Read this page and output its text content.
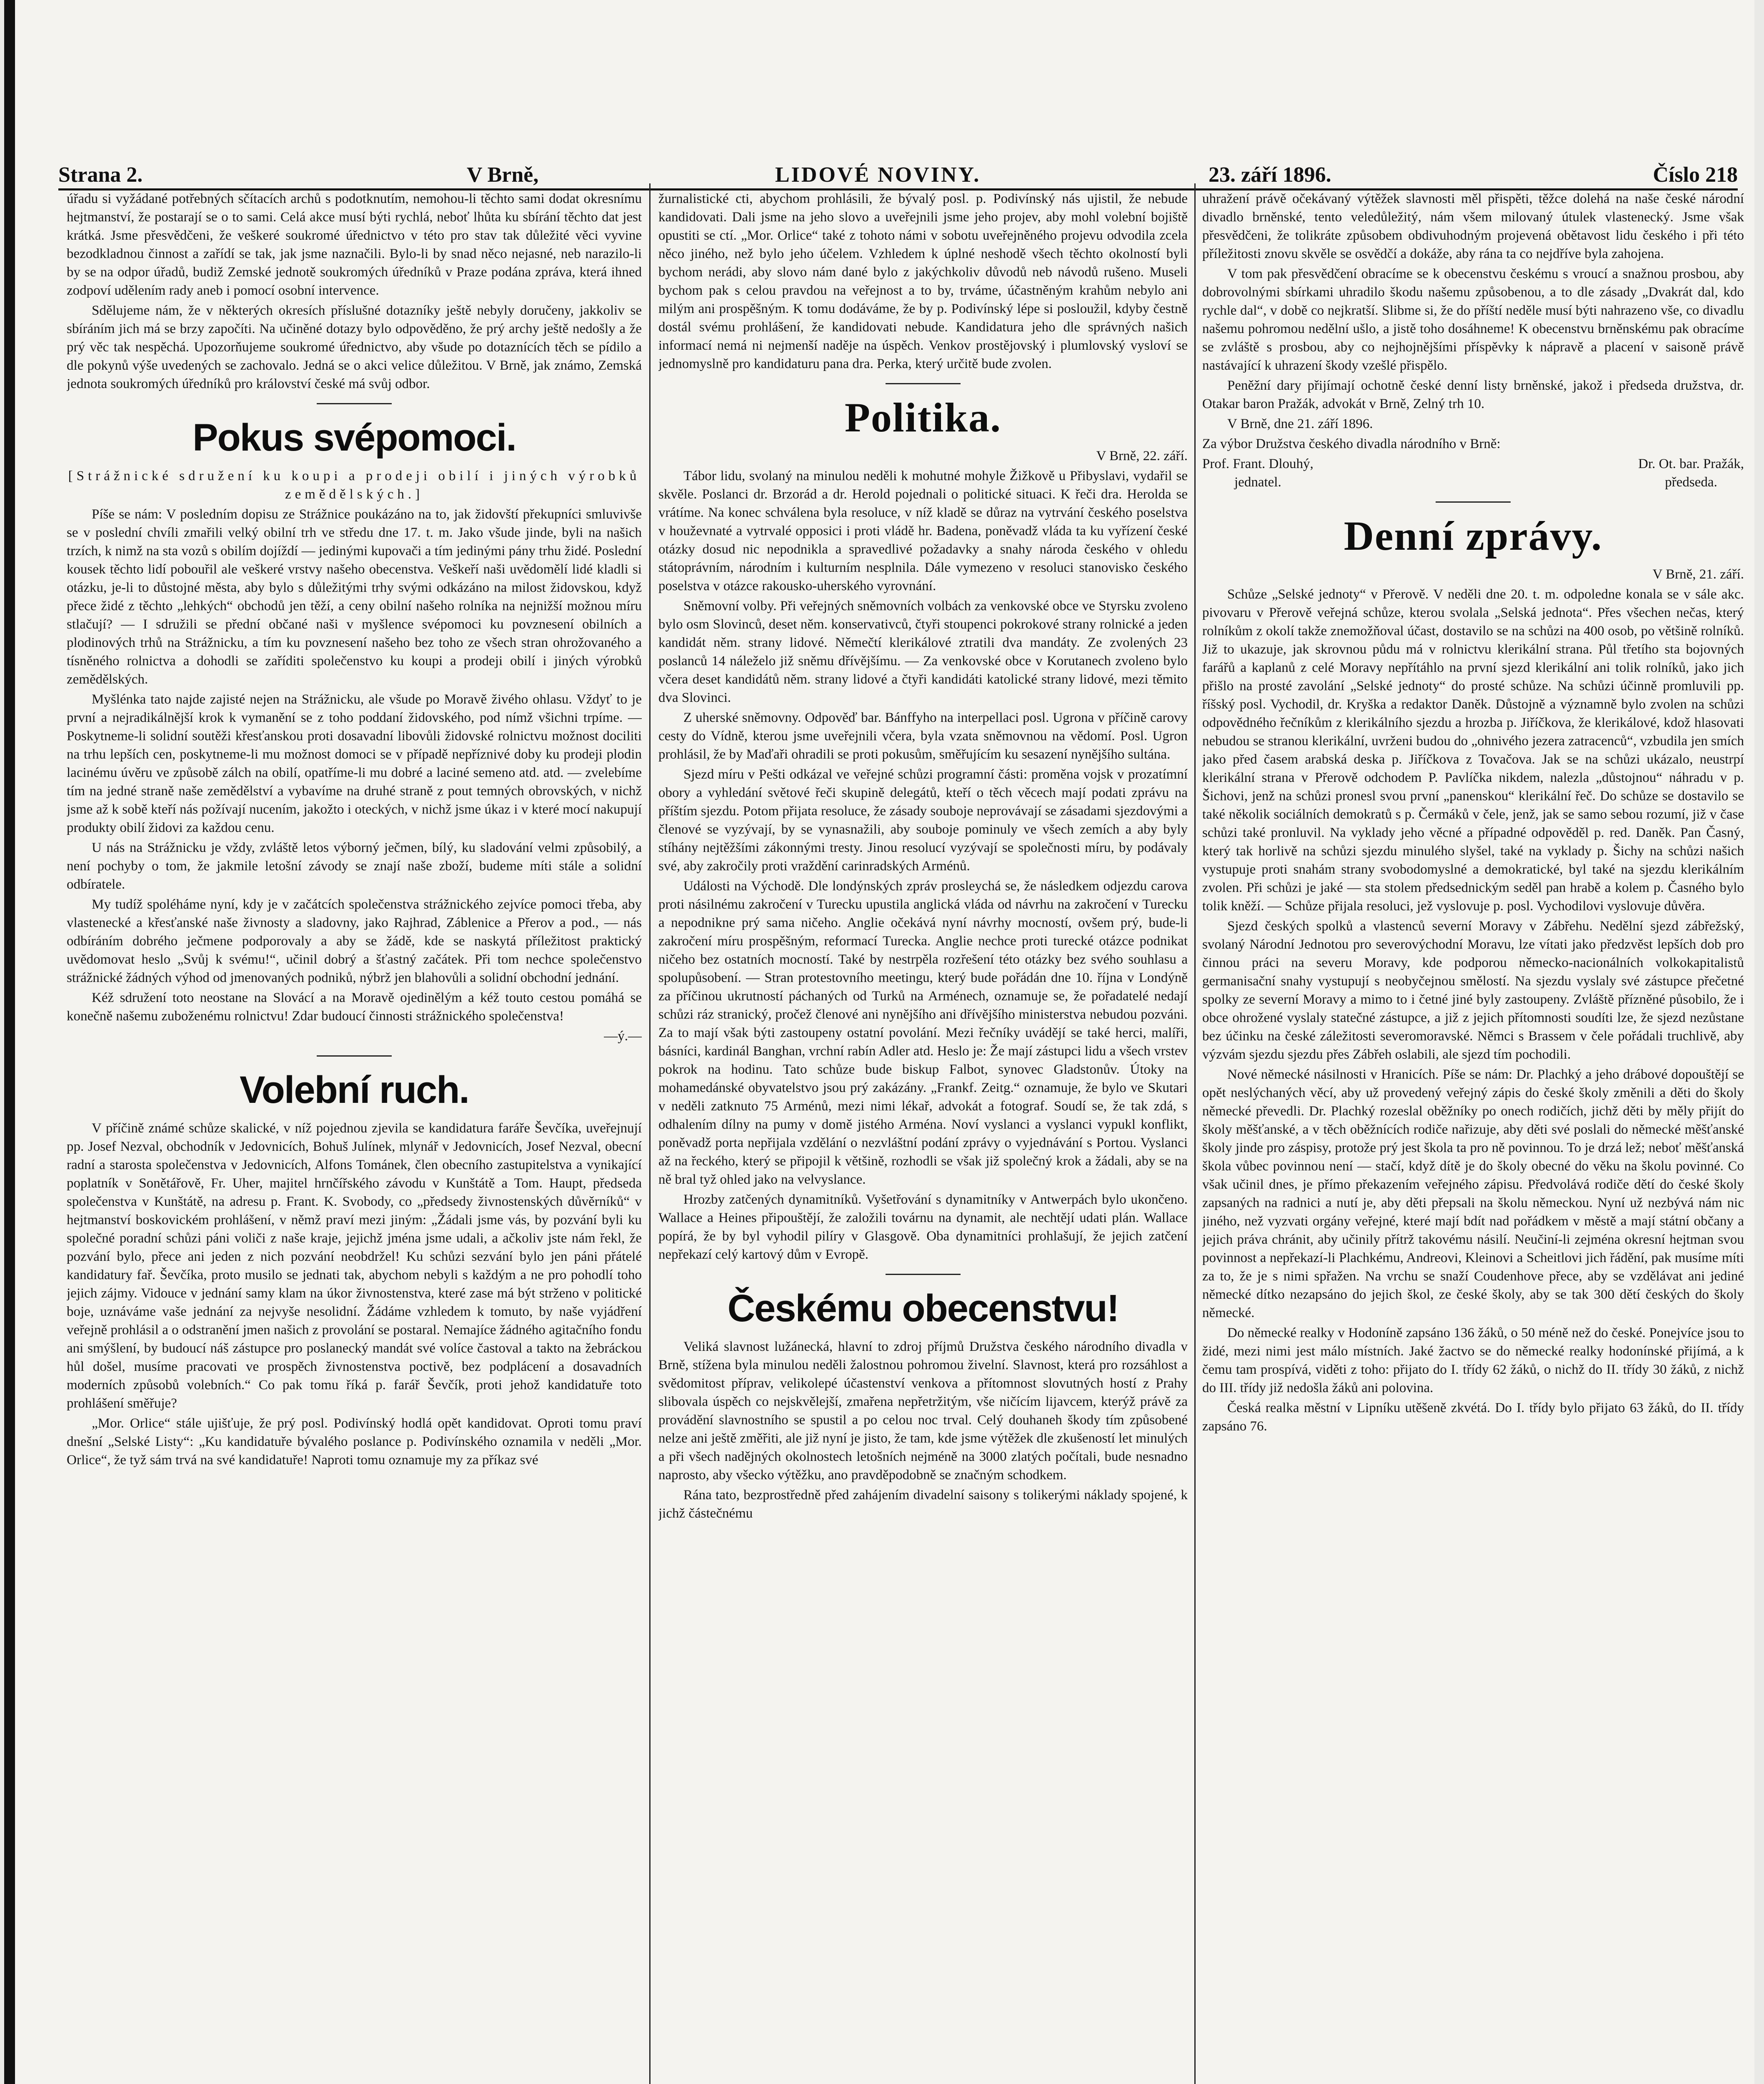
Strana 2.	V Brně,	LIDOVÉ NOVINY.	23. září 1896.	Číslo 218

úřadu si vyžádané potřebných sčítacích archů s podotknutím, nemohou-li těchto sami dodat okresnímu hejtmanství, že postarají se o to sami. Celá akce musí býti rychlá, neboť lhůta ku sbírání těchto dat jest krátká. Jsme přesvědčeni, že veškeré soukromé úřednictvo v této pro stav tak důležité věci vyvine bezodkladnou činnost a zařídí se tak, jak jsme naznačili. Bylo-li by snad něco nejasné, neb narazilo-li by se na odpor úřadů, budiž Zemské jednotě soukromých úředníků v Praze podána zpráva, která ihned zodpoví udělením rady aneb i pomocí osobní intervence.

Sdělujeme nám, že v některých okresích příslušné dotazníky ještě nebyly doručeny, jakkoliv se sbíráním jich má se brzy započíti. Na učiněné dotazy bylo odpověděno, že prý archy ještě nedošly a že prý věc tak nespěchá. Upozorňujeme soukromé úřednictvo, aby všude po dotaznících těch se pídilo a dle pokynů výše uvedených se zachovalo. Jedná se o akci velice důležitou. V Brně, jak známo, Zemská jednota soukromých úředníků pro království české má svůj odbor.

Pokus svépomoci.

[Strážnické sdružení ku koupi a prodeji obilí i jiných výrobků zemědělských.]

Píše se nám: V posledním dopisu ze Strážnice poukázáno na to, jak židovští překupníci smluvivše se v poslední chvíli zmařili velký obilní trh ve středu dne 17. t. m. Jako všude jinde, byli na našich trzích, k nimž na sta vozů s obilím dojíždí — jedinými kupovači a tím jedinými pány trhu židé. Poslední kousek těchto lidí pobouřil ale veškeré vrstvy našeho obecenstva. Veškeří naši uvědomělí lidé kladli si otázku, je-li to důstojné města, aby bylo s důležitými trhy svými odkázáno na milost židovskou, když přece židé z těchto „lehkých“ obchodů jen těží, a ceny obilní našeho rolníka na nejnižší možnou míru stlačují? — I sdružili se přední občané naši v myšlence svépomoci ku povznesení obilních a plodinových trhů na Strážnicku, a tím ku povznesení našeho bez toho ze všech stran ohrožovaného a tísněného rolnictva a dohodli se zaříditi společenstvo ku koupi a prodeji obilí i jiných výrobků zemědělských.

Myšlénka tato najde zajisté nejen na Strážnicku, ale všude po Moravě živého ohlasu. Vždyť to je první a nejradikálnější krok k vymanění se z toho poddaní židovského, pod nímž všichni trpíme. — Poskytneme-li solidní soutěži křesťanskou proti dosavadní libovůli židovské rolnictvu možnost dociliti na trhu lepších cen, poskytneme-li mu možnost domoci se v případě nepříznivé doby ku prodeji plodin lacinému úvěru ve způsobě zálch na obilí, opatříme-li mu dobré a laciné semeno atd. atd. — zvelebíme tím na jedné straně naše zemědělství a vybavíme na druhé straně z pout temných obrovských, v nichž jsme až k sobě kteří nás požívají nucením, jakožto i oteckých, v nichž jsme úkaz i v které mocí nakupují produkty obilí židovi za každou cenu.

U nás na Strážnicku je vždy, zvláště letos výborný ječmen, bílý, ku sladování velmi způsobilý, a není pochyby o tom, že jakmile letošní závody se znají naše zboží, budeme míti stále a solidní odbíratele.

My tudíž spoléháme nyní, kdy je v začátcích společenstva strážnického zejvíce pomoci třeba, aby vlastenecké a křesťanské naše živnosty a sladovny, jako Rajhrad, Záblenice a Přerov a pod., — nás odbíráním dobrého ječmene podporovaly a aby se žádě, kde se naskytá příležitost praktický uvědomovat heslo „Svůj k svému!“, učinil dobrý a šťastný začátek. Při tom nechce společenstvo strážnické žádných výhod od jmenovaných podniků, nýbrž jen blahovůli a solidní obchodní jednání.

Kéž sdružení toto neostane na Slovácí a na Moravě ojedinělým a kéž touto cestou pomáhá se konečně našemu zuboženému rolnictvu! Zdar budoucí činnosti strážnického společenstva!

—ý.—

Volební ruch.

V příčině známé schůze skalické, v níž pojednou zjevila se kandidatura faráře Ševčíka, uveřejnují pp. Josef Nezval, obchodník v Jedovnicích, Bohuš Julínek, mlynář v Jedovnicích, Josef Nezval, obecní radní a starosta společenstva v Jedovnicích, Alfons Tománek, člen obecního zastupitelstva a vynikající poplatník v Sonětářově, Fr. Uher, majitel hrnčířského závodu v Kunštátě a Tom. Haupt, předseda společenstva v Kunštátě, na adresu p. Frant. K. Svobody, co „předsedy živnostenských důvěrníků“ v hejtmanství boskovickém prohlášení, v němž praví mezi jiným: „Žádali jsme vás, by pozvání byli ku společné poradní schůzi páni voliči z naše kraje, jejichž jména jsme udali, a ačkoliv jste nám řekl, že pozvání bylo, přece ani jeden z nich pozvání neobdržel! Ku schůzi sezvání bylo jen páni přátelé kandidatury fař. Ševčíka, proto musilo se jednati tak, abychom nebyli s každým a ne pro pohodlí toho jejich zájmy. Vidouce v jednání samy klam na úkor živnostenstva, které zase má být strženo v politické boje, uznáváme vaše jednání za nejvyše nesolidní. Žádáme vzhledem k tomuto, by naše vyjádření veřejně prohlásil a o odstranění jmen našich z provolání se postaral. Nemajíce žádného agitačního fondu ani smýšlení, by budoucí náš zástupce pro poslanecký mandát své volíce častoval a takto na žebráckou hůl došel, musíme pracovati ve prospěch živnostenstva poctivě, bez podplácení a dosavadních moderních způsobů volebních.“ Co pak tomu říká p. farář Ševčík, proti jehož kandidatuře toto prohlášení směřuje?

„Mor. Orlice“ stále ujišťuje, že prý posl. Podivínský hodlá opět kandidovat. Oproti tomu praví dnešní „Selské Listy“: „Ku kandidatuře bývalého poslance p. Podivínského oznamila v neděli „Mor. Orlice“, že tyž sám trvá na své kandidatuře! Naproti tomu oznamuje my za příkaz své

žurnalistické cti, abychom prohlásili, že bývalý posl. p. Podivínský nás ujistil, že nebude kandidovati. Dali jsme na jeho slovo a uveřejnili jsme jeho projev, aby mohl volební bojiště opustiti se ctí. „Mor. Orlice“ také z tohoto námi v sobotu uveřejněného projevu odvodila zcela něco jiného, než bylo jeho účelem. Vzhledem k úplné neshodě všech těchto okolností byli bychom nerádi, aby slovo nám dané bylo z jakýchkoliv důvodů neb návodů rušeno. Museli bychom pak s celou pravdou na veřejnost a to by, trváme, účastněným krahům nebylo ani milým ani prospěšným. K tomu dodáváme, že by p. Podivínský lépe si posloužil, kdyby čestně dostál svému prohlášení, že kandidovati nebude. Kandidatura jeho dle správných našich informací nemá ni nejmenší naděje na úspěch. Venkov prostějovský i plumlovský vysloví se jednomyslně pro kandidaturu pana dra. Perka, který určitě bude zvolen.

Politika.

V Brně, 22. září.

Tábor lidu, svolaný na minulou neděli k mohutné mohyle Žižkově u Přibyslavi, vydařil se skvěle. Poslanci dr. Brzorád a dr. Herold pojednali o politické situaci. K řeči dra. Herolda se vrátíme. Na konec schválena byla resoluce, v níž kladě se důraz na vytrvání českého poselstva v houževnaté a vytrvalé opposici i proti vládě hr. Badena, poněvadž vláda ta ku vyřízení české otázky dosud nic nepodnikla a spravedlivé požadavky a snahy národa českého v ohledu státoprávním, národním i kulturním nesplnila. Dále vymezeno v resoluci stanovisko českého poselstva v otázce rakousko-uherského vyrovnání.

Sněmovní volby. Při veřejných sněmovních volbách za venkovské obce ve Styrsku zvoleno bylo osm Slovinců, deset něm. konservativců, čtyři stoupenci pokrokové strany rolnické a jeden kandidát něm. strany lidové. Němečtí klerikálové ztratili dva mandáty. Ze zvolených 23 poslanců 14 náleželo již sněmu dřívějšímu. — Za venkovské obce v Korutanech zvoleno bylo včera deset kandidátů něm. strany lidové a čtyři kandidáti katolické strany lidové, mezi těmito dva Slovinci.

Z uherské sněmovny. Odpověď bar. Bánffyho na interpellaci posl. Ugrona v příčině carovy cesty do Vídně, kterou jsme uveřejnili včera, byla vzata sněmovnou na vědomí. Posl. Ugron prohlásil, že by Maďaři ohradili se proti pokusům, směřujícím ku sesazení nynějšího sultána.

Sjezd míru v Pešti odkázal ve veřejné schůzi programní části: proměna vojsk v prozatímní obory a vyhledání světové řeči skupině delegátů, kteří o těch věcech mají podati zprávu na příštím sjezdu. Potom přijata resoluce, že zásady souboje neprovávají se zásadami sjezdovými a členové se vyzývají, by se vynasnažili, aby souboje pominuly ve všech zemích a aby byly stíhány nejtěžšími zákonnými tresty. Jinou resolucí vyzývají se společnosti míru, by podávaly své, aby zakročily proti vraždění carinradských Arménů.

Události na Východě. Dle londýnských zpráv prosleychá se, že následkem odjezdu carova proti násilnému zakročení v Turecku upustila anglická vláda od návrhu na zakročení v Turecku a nepodnikne prý sama ničeho. Anglie očekává nyní návrhy mocností, ovšem prý, bude-li zakročení míru prospěšným, reformací Turecka. Anglie nechce proti turecké otázce podnikat ničeho bez ostatních mocností. Také by nestrpěla rozřešení této otázky bez svého souhlasu a spolupůsobení. — Stran protestovního meetingu, který bude pořádán dne 10. října v Londýně za příčinou ukrutností páchaných od Turků na Arménech, oznamuje se, že pořadatelé nedají schůzi ráz stranický, pročež členové ani nynějšího ani dřívějšího ministerstva nebudou pozváni. Za to mají však býti zastoupeny ostatní povolání. Mezi řečníky uvádějí se také herci, malíři, básníci, kardinál Banghan, vrchní rabín Adler atd. Heslo je: Že mají zástupci lidu a všech vrstev pokrok na hodinu. Tato schůze bude biskup Falbot, synovec Gladstonův. Útoky na mohamedánské obyvatelstvo jsou prý zakázány. „Frankf. Zeitg.“ oznamuje, že bylo ve Skutari v neděli zatknuto 75 Arménů, mezi nimi lékař, advokát a fotograf. Soudí se, že tak zdá, s odhalením dílny na pumy v domě jistého Arména. Noví vyslanci a vyslanci vypukl konflikt, poněvadž porta nepřijala vzdělání o nezvláštní podání zprávy o vyjednávání s Portou. Vyslanci až na řeckého, který se připojil k většině, rozhodli se však již společný krok a žádali, aby se na ně bral tyž ohled jako na velvyslance.

Hrozby zatčených dynamitníků. Vyšetřování s dynamitníky v Antwerpách bylo ukončeno. Wallace a Heines připouštějí, že založili továrnu na dynamit, ale nechtějí udati plán. Wallace popírá, že by byl vyhodil pilíry v Glasgově. Oba dynamitníci prohlašují, že jejich zatčení nepřekazí celý kartový dům v Evropě.

Českému obecenstvu!

Veliká slavnost lužánecká, hlavní to zdroj příjmů Družstva českého národního divadla v Brně, stížena byla minulou neděli žalostnou pohromou živelní. Slavnost, která pro rozsáhlost a svědomitost příprav, velikolepé účastenství venkova a přítomnost slovutných hostí z Prahy slibovala úspěch co nejskvělejší, zmařena nepřetržitým, vše ničícím lijavcem, kterýž právě za provádění slavnostního se spustil a po celou noc trval. Celý douhaneh škody tím způsobené nelze ani ještě změřiti, ale již nyní je jisto, že tam, kde jsme výtěžek dle zkušeností let minulých a při všech nadějných okolnostech letošních nejméně na 3000 zlatých počítali, bude nesnadno naprosto, aby všecko výtěžku, ano pravděpodobně se značným schodkem.

Rána tato, bezprostředně před zahájením divadelní saisony s tolikerými náklady spojené, k jichž částečnému

uhražení právě očekávaný výtěžek slavnosti měl přispěti, těžce dolehá na naše české národní divadlo brněnské, tento veledůležitý, nám všem milovaný útulek vlastenecký. Jsme však přesvědčeni, že tolikráte způsobem obdivuhodným projevená obětavost lidu českého i při této příležitosti znovu skvěle se osvědčí a dokáže, aby rána ta co nejdříve byla zahojena.

V tom pak přesvědčení obracíme se k obecenstvu českému s vroucí a snažnou prosbou, aby dobrovolnými sbírkami uhradilo škodu našemu způsobenou, a to dle zásady „Dvakrát dal, kdo rychle dal“, v době co nejkratší. Slibme si, že do příští neděle musí býti nahrazeno vše, co divadlu našemu pohromou nedělní ušlo, a jistě toho dosáhneme! K obecenstvu brněnskému pak obracíme se zvláště s prosbou, aby co nejhojnějšími příspěvky k nápravě a placení v saisoně právě nastávající k uhrazení škody vzešlé přispělo.

Peněžní dary přijímají ochotně české denní listy brněnské, jakož i předseda družstva, dr. Otakar baron Pražák, advokát v Brně, Zelný trh 10.

V Brně, dne 21. září 1896.

Za výbor Družstva českého divadla národního v Brně:

Prof. Frant. Dlouhý,
jednatel.
Dr. Ot. bar. Pražák,
předseda.
Denní zprávy.

V Brně, 21. září.

Schůze „Selské jednoty“ v Přerově. V neděli dne 20. t. m. odpoledne konala se v sále akc. pivovaru v Přerově veřejná schůze, kterou svolala „Selská jednota“. Přes všechen nečas, který rolníkům z okolí takže znemožňoval účast, dostavilo se na schůzi na 400 osob, po většině rolníků. Již to ukazuje, jak skrovnou půdu má v rolnictvu klerikální strana. Půl třetího sta bojovných farářů a kaplanů z celé Moravy nepřítáhlo na první sjezd klerikální ani tolik rolníků, jako jich přišlo na prosté zavolání „Selské jednoty“ do prosté schůze. Na schůzi účinně promluvili pp. říšský posl. Vychodil, dr. Kryška a redaktor Daněk. Důstojně a významně bylo zvolen na schůzi odpovědného řečníkům z klerikálního sjezdu a hrozba p. Jiříčkova, že klerikálové, kdož hlasovati nebudou se stranou klerikální, uvrženi budou do „ohnivého jezera zatracenců“, vzbudila jen smích jako před časem arabská deska p. Jiříčkova z Tovačova. Jak se na schůzi ukázalo, neustrpí klerikální strana v Přerově odchodem P. Pavlíčka nikdem, nalezla „důstojnou“ náhradu v p. Šichovi, jenž na schůzi pronesl svou první „panenskou“ klerikální řeč. Do schůze se dostavilo se také několik sociálních demokratů s p. Čermáků v čele, jenž, jak se samo sebou rozumí, již v čase schůzi také pronluvil. Na vyklady jeho věcné a případné odpověděl p. red. Daněk. Pan Časný, který tak horlivě na schůzi sjezdu minulého slyšel, také na vyklady p. Šichy na schůzi našich vystupuje proti snahám strany svobodomyslné a demokratické, byl také na sjezdu klerikálním zvolen. Při schůzi je jaké — sta stolem předsednickým seděl pan hrabě a kolem p. Časného bylo tolik kněží. — Schůze přijala resoluci, jež vyslovuje p. posl. Vychodilovi vyslovuje důvěra.

Sjezd českých spolků a vlastenců severní Moravy v Zábřehu. Nedělní sjezd zábřežský, svolaný Národní Jednotou pro severovýchodní Moravu, lze vítati jako předzvěst lepších dob pro činnou práci na severu Moravy, kde podporou německo-nacionálních volkokapitalistů germanisační snahy vystupují s neobyčejnou smělostí. Na sjezdu vyslaly své zástupce přečetné spolky ze severní Moravy a mimo to i četné jiné byly zastoupeny. Zvláště přízněné působilo, že i obce ohrožené vyslaly statečné zástupce, a již z jejich přítomnosti soudíti lze, že sjezd nezůstane bez účinku na české záležitosti severomoravské. Němci s Brassem v čele pořádali truchlivě, aby výzvám sjezdu sjezdu přes Zábřeh oslabili, ale sjezd tím pochodili.

Nové německé násilnosti v Hranicích. Píše se nám: Dr. Plachký a jeho drábové dopouštějí se opět neslýchaných věcí, aby už provedený veřejný zápis do české školy změnili a děti do školy německé převedli. Dr. Plachký rozeslal oběžníky po onech rodičích, jichž děti by měly přijít do školy měšťanské, a v těch oběžnících rodiče nařizuje, aby děti své poslali do německé měšťanské školy jinde pro záspisy, protože prý jest škola ta pro ně povinnou. To je drzá lež; neboť měšťanská škola vůbec povinnou není — stačí, když dítě je do školy obecné do věku na školu povinné. Co však učinil dnes, je přímo překazením veřejného zápisu. Předvolává rodiče dětí do české školy zapsaných na radnici a nutí je, aby děti přepsali na školu německou. Nyní už nezbývá nám nic jiného, než vyzvati orgány veřejné, které mají bdít nad pořádkem v městě a mají státní občany a jejich práva chránit, aby učinily přítrž takovému násilí. Neučiní-li zejména okresní hejtman svou povinnost a nepřekazí-li Plachkému, Andreovi, Kleinovi a Scheitlovi jich řádění, pak musíme míti za to, že je s nimi spřažen. Na vrchu se snaží Coudenhove přece, aby se vzdělávat ani jediné německé dítko nezapsáno do jejich škol, ze české školy, aby se tak 300 dětí českých do školy německé.

Do německé realky v Hodoníně zapsáno 136 žáků, o 50 méně než do české. Ponejvíce jsou to židé, mezi nimi jest málo místních. Jaké žactvo se do německé realky hodonínské přijímá, a k čemu tam prospívá, viděti z toho: přijato do I. třídy 62 žáků, o nichž do II. třídy 30 žáků, z nichž do III. třídy již nedošla žáků ani polovina.

Česká realka městní v Lipníku utěšeně zkvétá. Do I. třídy bylo přijato 63 žáků, do II. třídy zapsáno 76.
